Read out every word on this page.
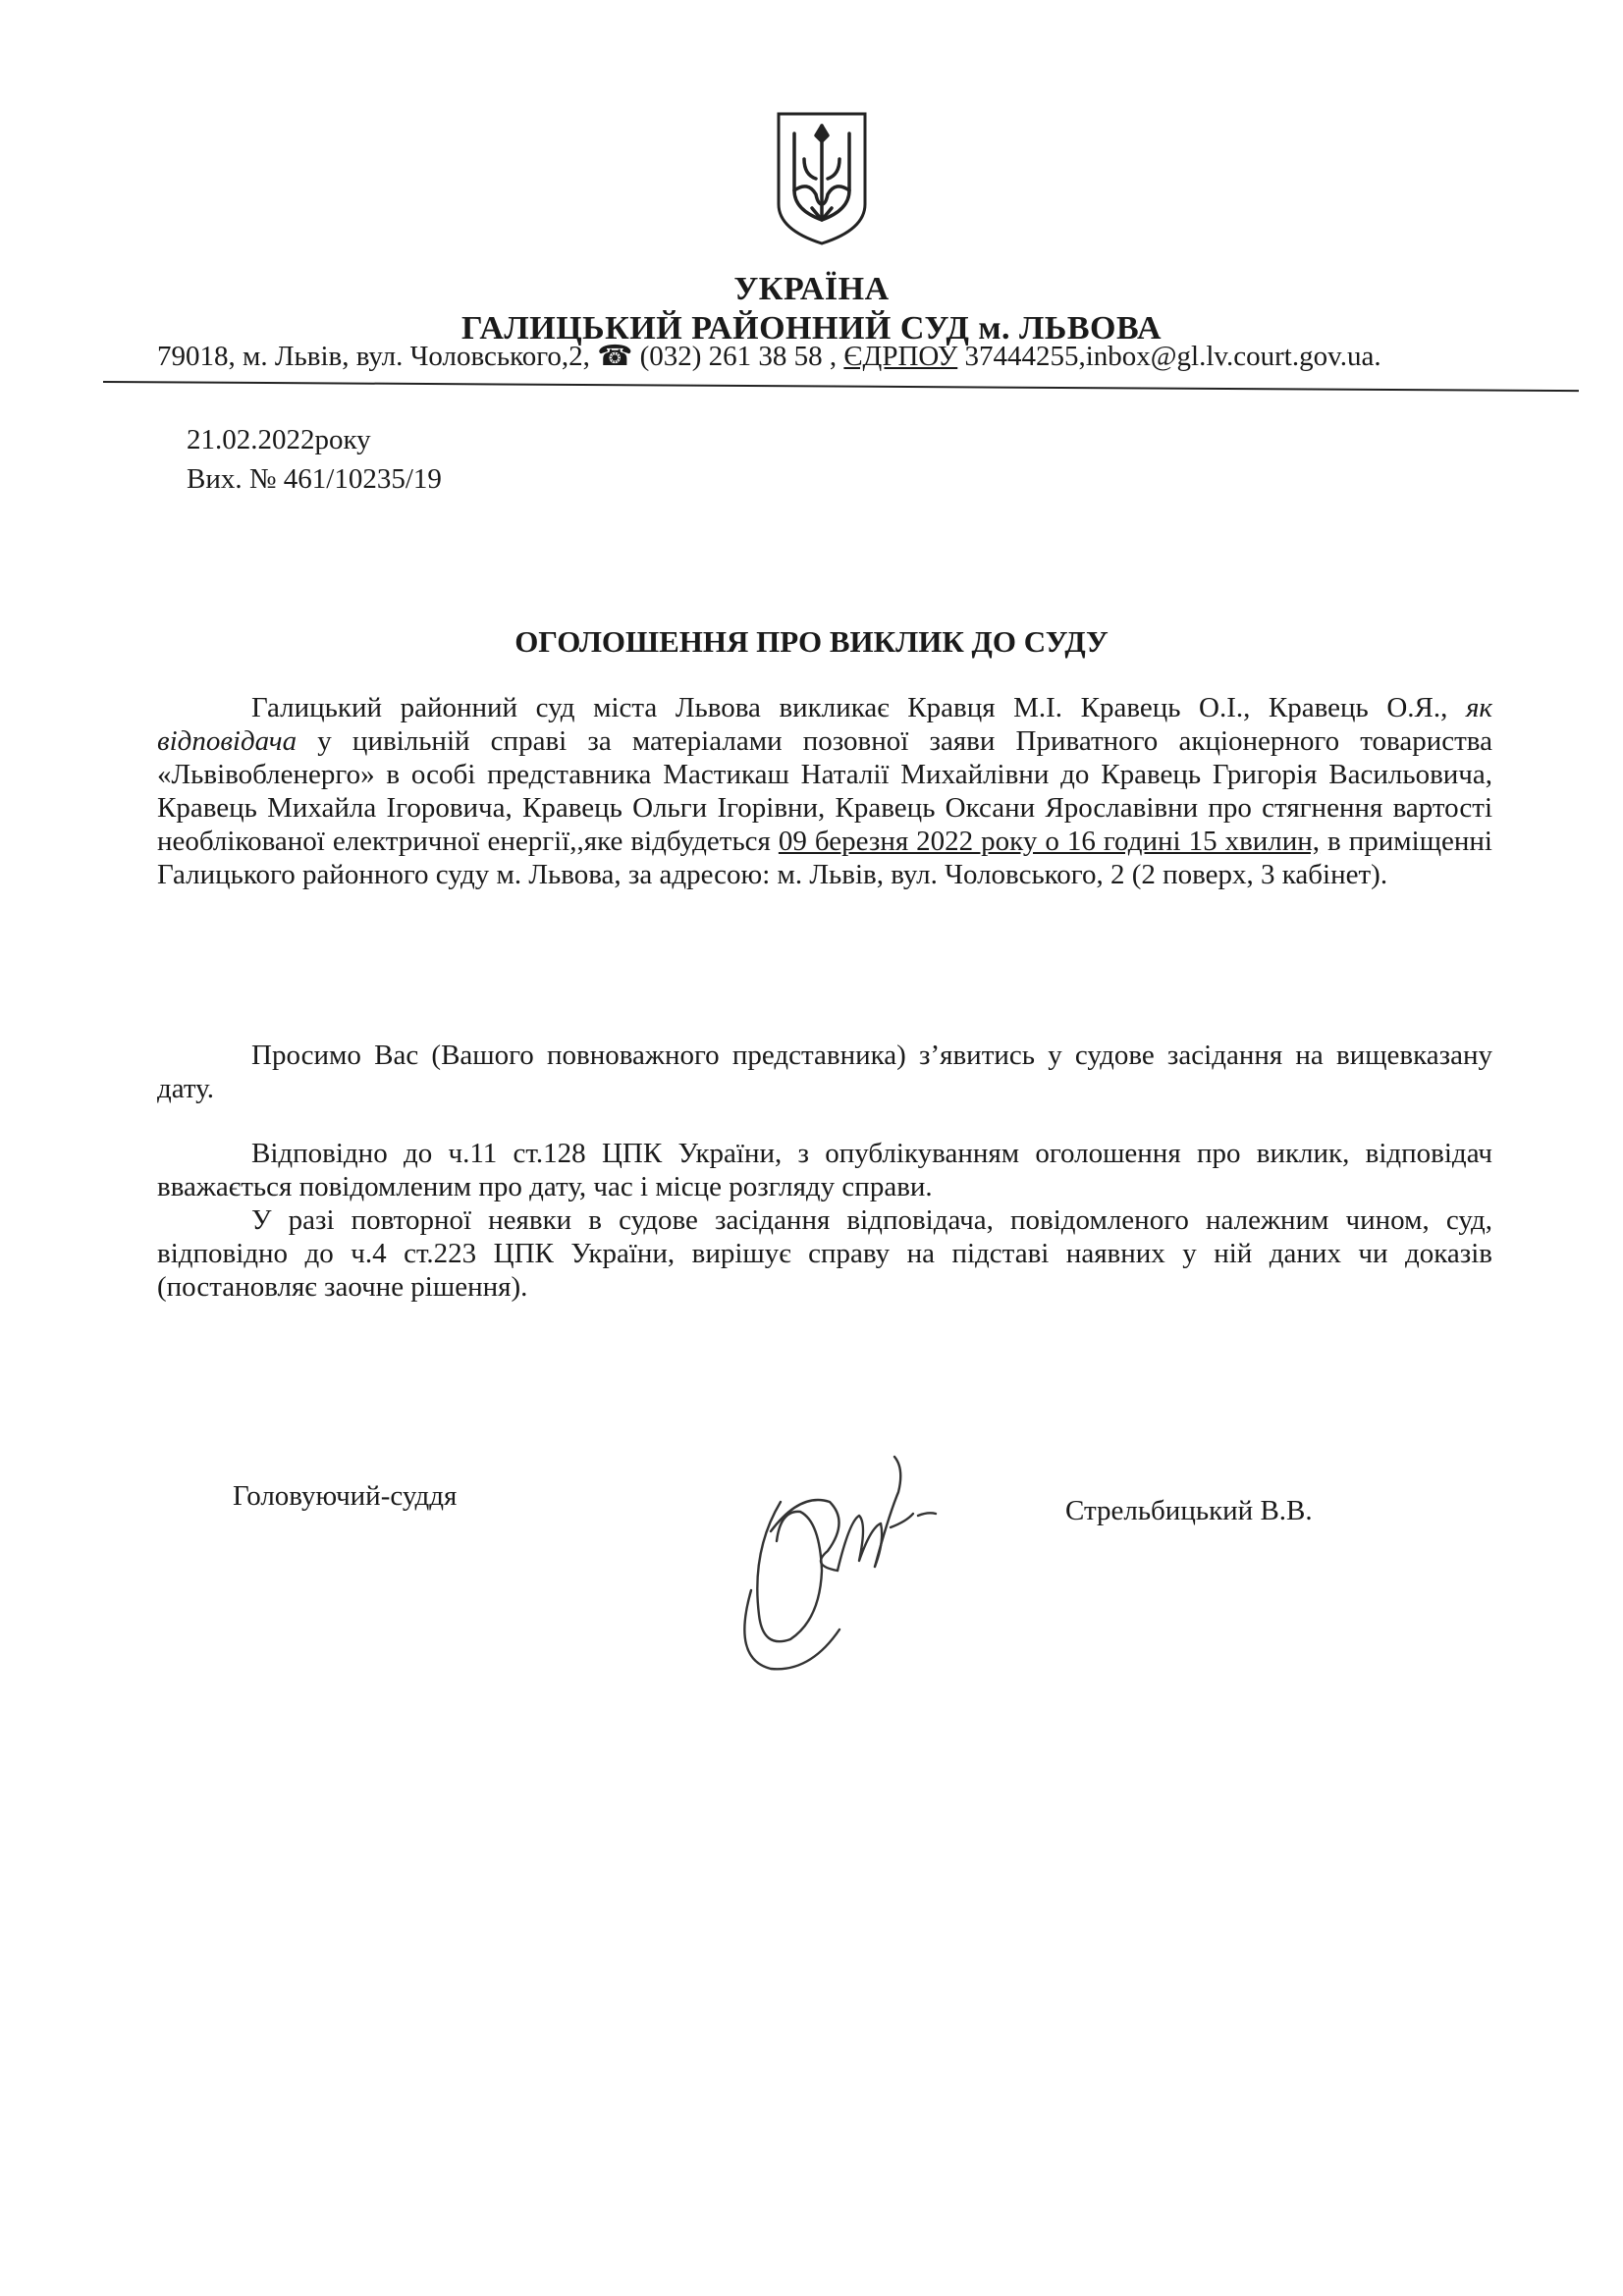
УКРАЇНА
ГАЛИЦЬКИЙ РАЙОННИЙ СУД м. ЛЬВОВА
79018, м. Львів, вул. Чоловського,2, ☎ (032) 261 38 58 , ЄДРПОУ 37444255,inbox@gl.lv.court.gov.ua.
21.02.2022року
Вих. № 461/10235/19
ОГОЛОШЕННЯ ПРО ВИКЛИК ДО СУДУ
Галицький районний суд міста Львова викликає Кравця М.І. Кравець О.І., Кравець О.Я., як відповідача у цивільній справі за матеріалами позовної заяви Приватного акціонерного товариства «Львівобленерго» в особі представника Мастикаш Наталії Михайлівни до Кравець Григорія Васильовича, Кравець Михайла Ігоровича, Кравець Ольги Ігорівни, Кравець Оксани Ярославівни про стягнення вартості необлікованої електричної енергії,,яке відбудеться 09 березня 2022 року о 16 годині 15 хвилин, в приміщенні Галицького районного суду м. Львова, за адресою: м. Львів, вул. Чоловського, 2 (2 поверх, 3 кабінет).
Просимо Вас (Вашого повноважного представника) з’явитись у судове засідання на вищевказану дату.
Відповідно до ч.11 ст.128 ЦПК України, з опублікуванням оголошення про виклик, відповідач вважається повідомленим про дату, час і місце розгляду справи.
У разі повторної неявки в судове засідання відповідача, повідомленого належним чином, суд, відповідно до ч.4 ст.223 ЦПК України, вирішує справу на підставі наявних у ній даних чи доказів (постановляє заочне рішення).
Головуючий-суддя	Стрельбицький В.В.
